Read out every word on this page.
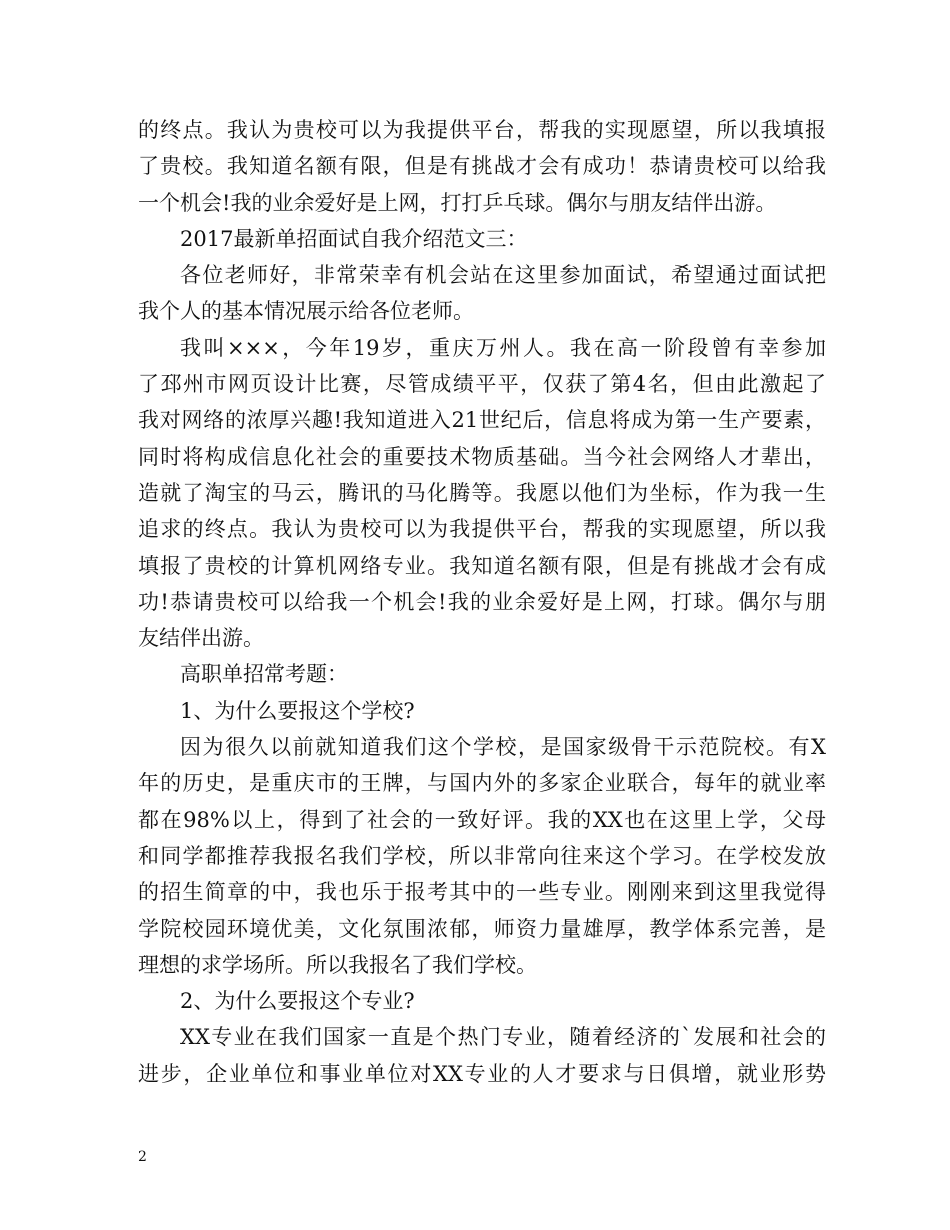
的终点。我认为贵校可以为我提供平台，帮我的实现愿望，所以我填报
了贵校。我知道名额有限，但是有挑战才会有成功！恭请贵校可以给我
一个机会!我的业余爱好是上网，打打乒乓球。偶尔与朋友结伴出游。
2017最新单招面试自我介绍范文三：
各位老师好，非常荣幸有机会站在这里参加面试，希望通过面试把
我个人的基本情况展示给各位老师。
我叫×××，今年19岁，重庆万州人。我在高一阶段曾有幸参加
了邳州市网页设计比赛，尽管成绩平平，仅获了第4名，但由此激起了
我对网络的浓厚兴趣!我知道进入21世纪后，信息将成为第一生产要素，
同时将构成信息化社会的重要技术物质基础。当今社会网络人才辈出，
造就了淘宝的马云，腾讯的马化腾等。我愿以他们为坐标，作为我一生
追求的终点。我认为贵校可以为我提供平台，帮我的实现愿望，所以我
填报了贵校的计算机网络专业。我知道名额有限，但是有挑战才会有成
功!恭请贵校可以给我一个机会!我的业余爱好是上网，打球。偶尔与朋
友结伴出游。
高职单招常考题：
1、为什么要报这个学校?
因为很久以前就知道我们这个学校，是国家级骨干示范院校。有X
年的历史，是重庆市的王牌，与国内外的多家企业联合，每年的就业率
都在98%以上，得到了社会的一致好评。我的XX也在这里上学，父母
和同学都推荐我报名我们学校，所以非常向往来这个学习。在学校发放
的招生简章的中，我也乐于报考其中的一些专业。刚刚来到这里我觉得
学院校园环境优美，文化氛围浓郁，师资力量雄厚，教学体系完善，是
理想的求学场所。所以我报名了我们学校。
2、为什么要报这个专业?
XX专业在我们国家一直是个热门专业，随着经济的`发展和社会的
进步，企业单位和事业单位对XX专业的人才要求与日俱增，就业形势
2
